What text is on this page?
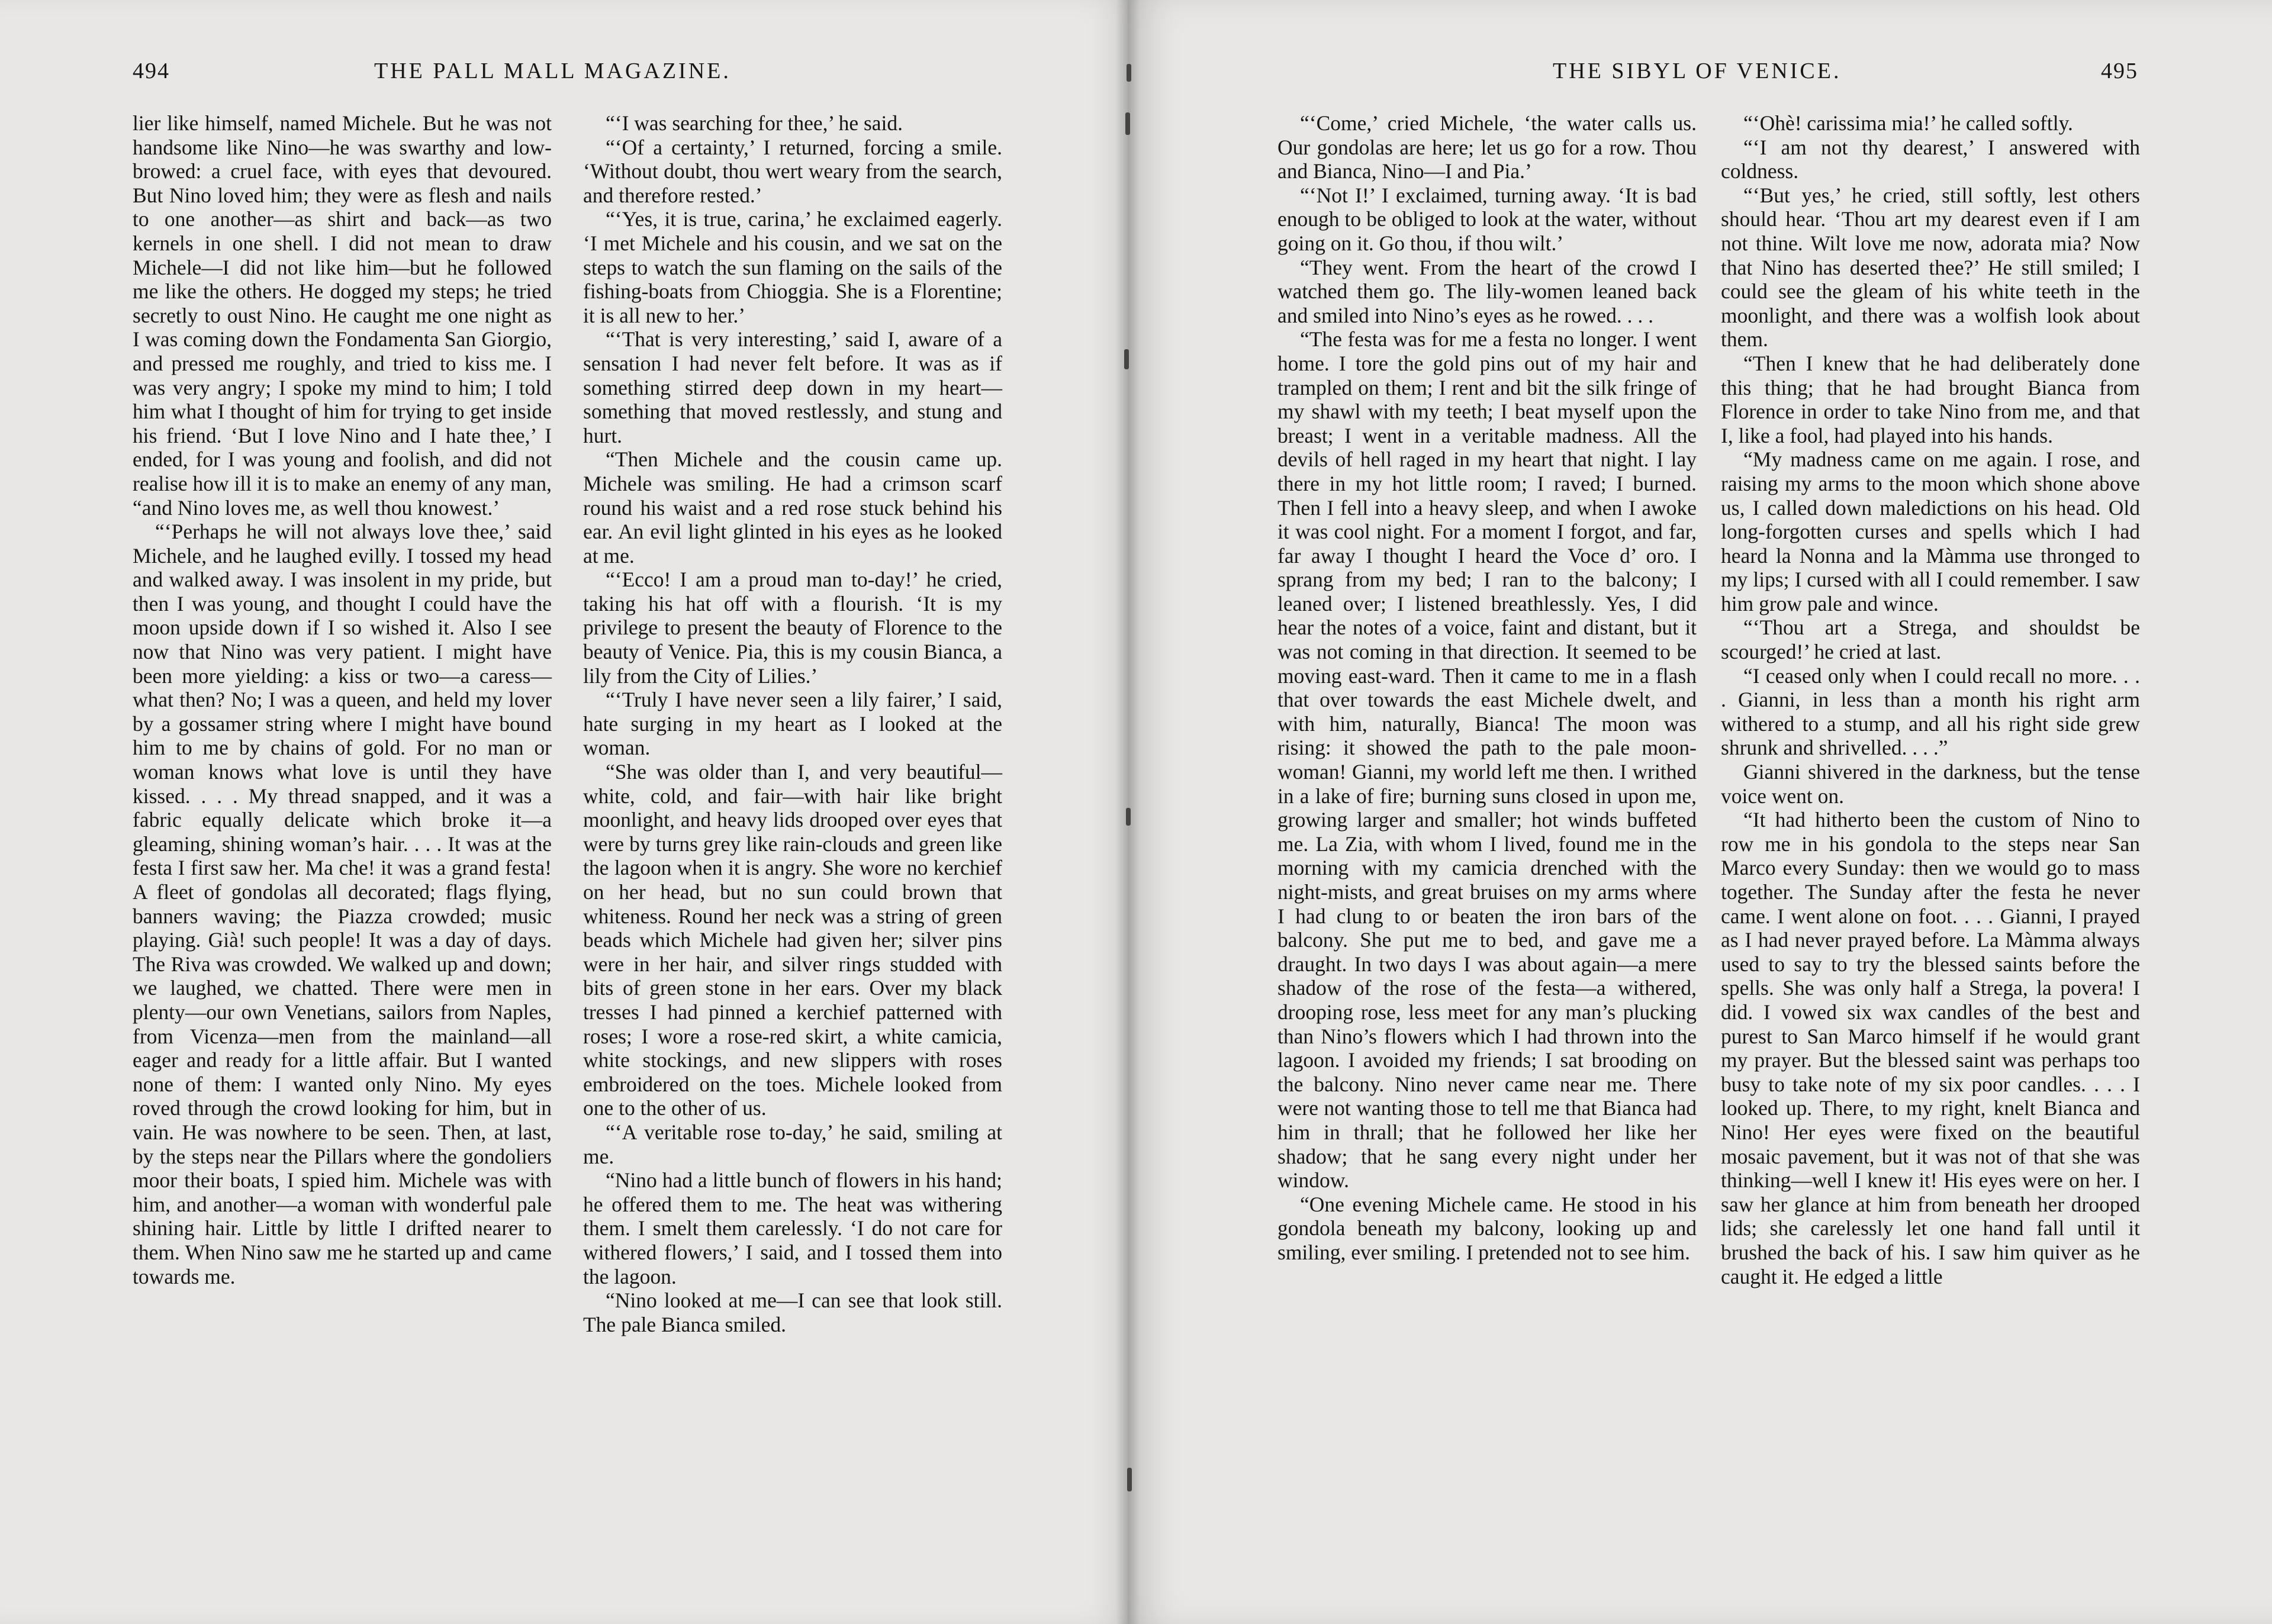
494	THE PALL MALL MAGAZINE.

lier like himself, named Michele. But he was not handsome like Nino—he was swarthy and low-browed: a cruel face, with eyes that devoured. But Nino loved him; they were as flesh and nails to one another—as shirt and back—as two kernels in one shell. I did not mean to draw Michele—I did not like him—but he followed me like the others. He dogged my steps; he tried secretly to oust Nino. He caught me one night as I was coming down the Fondamenta San Giorgio, and pressed me roughly, and tried to kiss me. I was very angry; I spoke my mind to him; I told him what I thought of him for trying to get inside his friend. ‘But I love Nino and I hate thee,’ I ended, for I was young and foolish, and did not realise how ill it is to make an enemy of any man, “and Nino loves me, as well thou knowest.’

“‘Perhaps he will not always love thee,’ said Michele, and he laughed evilly. I tossed my head and walked away. I was insolent in my pride, but then I was young, and thought I could have the moon upside down if I so wished it. Also I see now that Nino was very patient. I might have been more yielding: a kiss or two—a caress—what then? No; I was a queen, and held my lover by a gossamer string where I might have bound him to me by chains of gold. For no man or woman knows what love is until they have kissed. . . . My thread snapped, and it was a fabric equally delicate which broke it—a gleaming, shining woman’s hair. . . . It was at the festa I first saw her. Ma che! it was a grand festa! A fleet of gondolas all decorated; flags flying, banners waving; the Piazza crowded; music playing. Già! such people! It was a day of days. The Riva was crowded. We walked up and down; we laughed, we chatted. There were men in plenty—our own Venetians, sailors from Naples, from Vicenza—men from the mainland—all eager and ready for a little affair. But I wanted none of them: I wanted only Nino. My eyes roved through the crowd looking for him, but in vain. He was nowhere to be seen. Then, at last, by the steps near the Pillars where the gondoliers moor their boats, I spied him. Michele was with him, and another—a woman with wonderful pale shining hair. Little by little I drifted nearer to them. When Nino saw me he started up and came towards me.

“‘I was searching for thee,’ he said.

“‘Of a certainty,’ I returned, forcing a smile. ‘Without doubt, thou wert weary from the search, and therefore rested.’

“‘Yes, it is true, carina,’ he exclaimed eagerly. ‘I met Michele and his cousin, and we sat on the steps to watch the sun flaming on the sails of the fishing-boats from Chioggia. She is a Florentine; it is all new to her.’

“‘That is very interesting,’ said I, aware of a sensation I had never felt before. It was as if something stirred deep down in my heart—something that moved restlessly, and stung and hurt.

“Then Michele and the cousin came up. Michele was smiling. He had a crimson scarf round his waist and a red rose stuck behind his ear. An evil light glinted in his eyes as he looked at me.

“‘Ecco! I am a proud man to-day!’ he cried, taking his hat off with a flourish. ‘It is my privilege to present the beauty of Florence to the beauty of Venice. Pia, this is my cousin Bianca, a lily from the City of Lilies.’

“‘Truly I have never seen a lily fairer,’ I said, hate surging in my heart as I looked at the woman.

“She was older than I, and very beautiful—white, cold, and fair—with hair like bright moonlight, and heavy lids drooped over eyes that were by turns grey like rain-clouds and green like the lagoon when it is angry. She wore no kerchief on her head, but no sun could brown that whiteness. Round her neck was a string of green beads which Michele had given her; silver pins were in her hair, and silver rings studded with bits of green stone in her ears. Over my black tresses I had pinned a kerchief patterned with roses; I wore a rose-red skirt, a white camicia, white stockings, and new slippers with roses embroidered on the toes. Michele looked from one to the other of us.

“‘A veritable rose to-day,’ he said, smiling at me.

“Nino had a little bunch of flowers in his hand; he offered them to me. The heat was withering them. I smelt them carelessly. ‘I do not care for withered flowers,’ I said, and I tossed them into the lagoon.

“Nino looked at me—I can see that look still. The pale Bianca smiled.

THE SIBYL OF VENICE.	495

“‘Come,’ cried Michele, ‘the water calls us. Our gondolas are here; let us go for a row. Thou and Bianca, Nino—I and Pia.’

“‘Not I!’ I exclaimed, turning away. ‘It is bad enough to be obliged to look at the water, without going on it. Go thou, if thou wilt.’

“They went. From the heart of the crowd I watched them go. The lily-women leaned back and smiled into Nino’s eyes as he rowed. . . .

“The festa was for me a festa no longer. I went home. I tore the gold pins out of my hair and trampled on them; I rent and bit the silk fringe of my shawl with my teeth; I beat myself upon the breast; I went in a veritable madness. All the devils of hell raged in my heart that night. I lay there in my hot little room; I raved; I burned. Then I fell into a heavy sleep, and when I awoke it was cool night. For a moment I forgot, and far, far away I thought I heard the Voce d’ oro. I sprang from my bed; I ran to the balcony; I leaned over; I listened breathlessly. Yes, I did hear the notes of a voice, faint and distant, but it was not coming in that direction. It seemed to be moving east-ward. Then it came to me in a flash that over towards the east Michele dwelt, and with him, naturally, Bianca! The moon was rising: it showed the path to the pale moon-woman! Gianni, my world left me then. I writhed in a lake of fire; burning suns closed in upon me, growing larger and smaller; hot winds buffeted me. La Zia, with whom I lived, found me in the morning with my camicia drenched with the night-mists, and great bruises on my arms where I had clung to or beaten the iron bars of the balcony. She put me to bed, and gave me a draught. In two days I was about again—a mere shadow of the rose of the festa—a withered, drooping rose, less meet for any man’s plucking than Nino’s flowers which I had thrown into the lagoon. I avoided my friends; I sat brooding on the balcony. Nino never came near me. There were not wanting those to tell me that Bianca had him in thrall; that he followed her like her shadow; that he sang every night under her window.

“One evening Michele came. He stood in his gondola beneath my balcony, looking up and smiling, ever smiling. I pretended not to see him.

“‘Ohè! carissima mia!’ he called softly.

“‘I am not thy dearest,’ I answered with coldness.

“‘But yes,’ he cried, still softly, lest others should hear. ‘Thou art my dearest even if I am not thine. Wilt love me now, adorata mia? Now that Nino has deserted thee?’ He still smiled; I could see the gleam of his white teeth in the moonlight, and there was a wolfish look about them.

“Then I knew that he had deliberately done this thing; that he had brought Bianca from Florence in order to take Nino from me, and that I, like a fool, had played into his hands.

“My madness came on me again. I rose, and raising my arms to the moon which shone above us, I called down maledictions on his head. Old long-forgotten curses and spells which I had heard la Nonna and la Màmma use thronged to my lips; I cursed with all I could remember. I saw him grow pale and wince.

“‘Thou art a Strega, and shouldst be scourged!’ he cried at last.

“I ceased only when I could recall no more. . . . Gianni, in less than a month his right arm withered to a stump, and all his right side grew shrunk and shrivelled. . . .”

Gianni shivered in the darkness, but the tense voice went on.

“It had hitherto been the custom of Nino to row me in his gondola to the steps near San Marco every Sunday: then we would go to mass together. The Sunday after the festa he never came. I went alone on foot. . . . Gianni, I prayed as I had never prayed before. La Màmma always used to say to try the blessed saints before the spells. She was only half a Strega, la povera! I did. I vowed six wax candles of the best and purest to San Marco himself if he would grant my prayer. But the blessed saint was perhaps too busy to take note of my six poor candles. . . . I looked up. There, to my right, knelt Bianca and Nino! Her eyes were fixed on the beautiful mosaic pavement, but it was not of that she was thinking—well I knew it! His eyes were on her. I saw her glance at him from beneath her drooped lids; she carelessly let one hand fall until it brushed the back of his. I saw him quiver as he caught it. He edged a little
